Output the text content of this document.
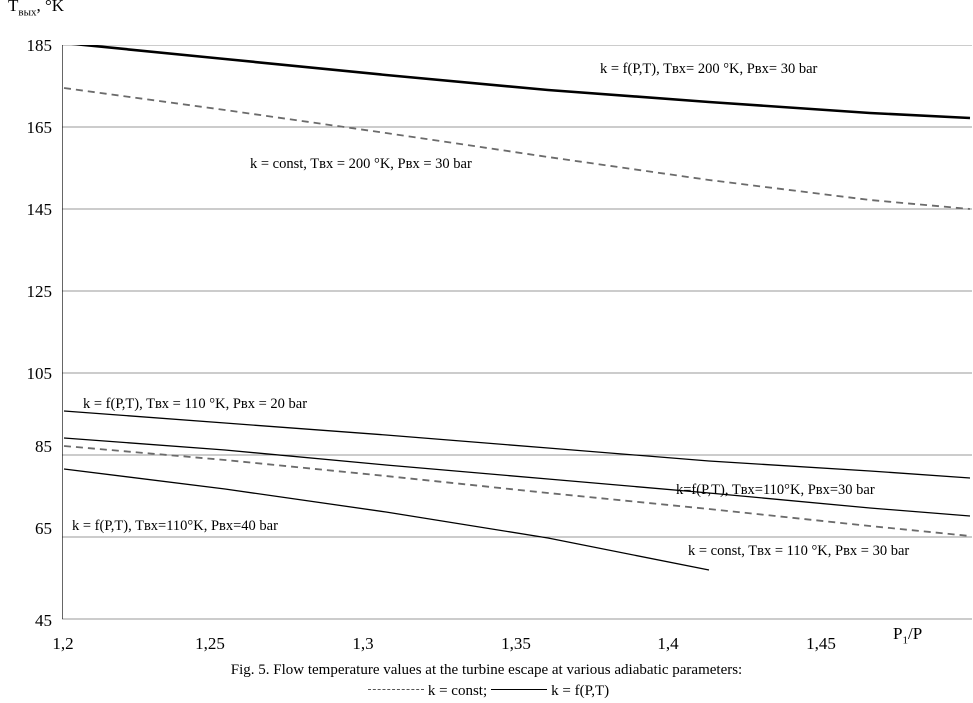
$T_{вых}$, °K
$P_1/P$
185
165
145
125
105
85
65
45
1,2	1,25	1,3	1,35	1,4	1,45
k = f(P,T), Tвх= 200 °K, Pвх= 30 bar
k = const, Tвх = 200 °K, Pвх = 30 bar
k = f(P,T), Tвх = 110 °K, Pвх = 20 bar
k=f(P,T), Tвх=110°K, Pвх=30 bar
k = f(P,T), Tвх=110°K, Pвх=40 bar
k = const, Tвх = 110 °K, Pвх = 30 bar
Fig. 5. Flow temperature values at the turbine escape at various adiabatic parameters:
k = const;	k = f(P,T)
